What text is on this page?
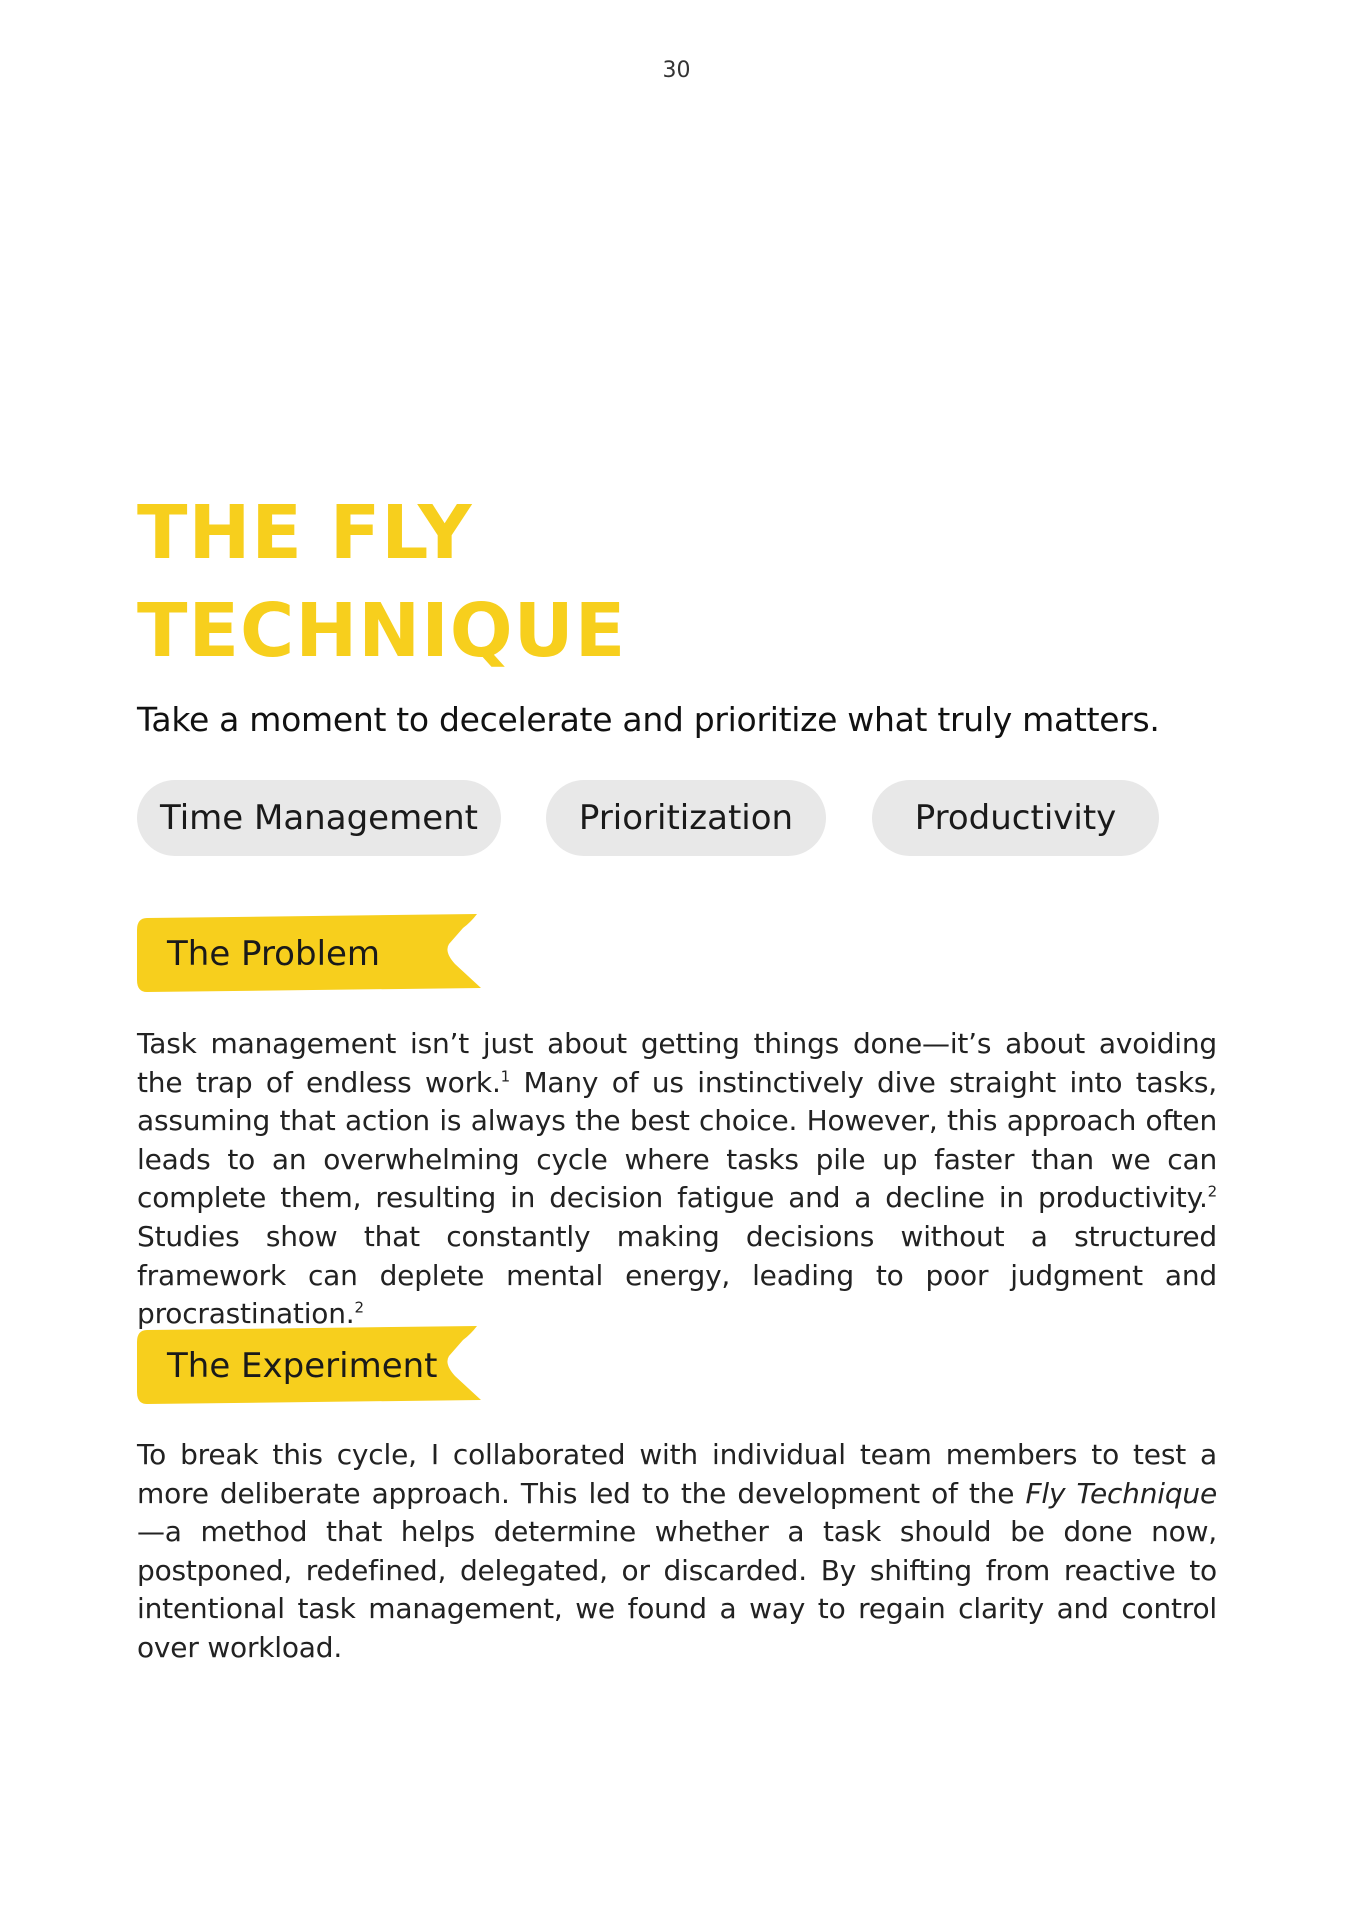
30
THE FLY
TECHNIQUE
Take a moment to decelerate and prioritize what truly matters.
Time Management	Prioritization	Productivity
The Problem

Task management isn’t just about getting things done—it’s about avoiding the trap of endless work.$^1$ Many of us instinctively dive straight into tasks, assuming that action is always the best choice. However, this approach often leads to an overwhelming cycle where tasks pile up faster than we can complete them, resulting in decision fatigue and a decline in productivity.$^2$ Studies show that constantly making decisions without a structured framework can deplete mental energy, leading to poor judgment and procrastination.$^2$

The Experiment

To break this cycle, I collaborated with individual team members to test a more deliberate approach. This led to the development of the Fly Technique—a method that helps determine whether a task should be done now, postponed, redefined, delegated, or discarded. By shifting from reactive to intentional task management, we found a way to regain clarity and control over workload.
